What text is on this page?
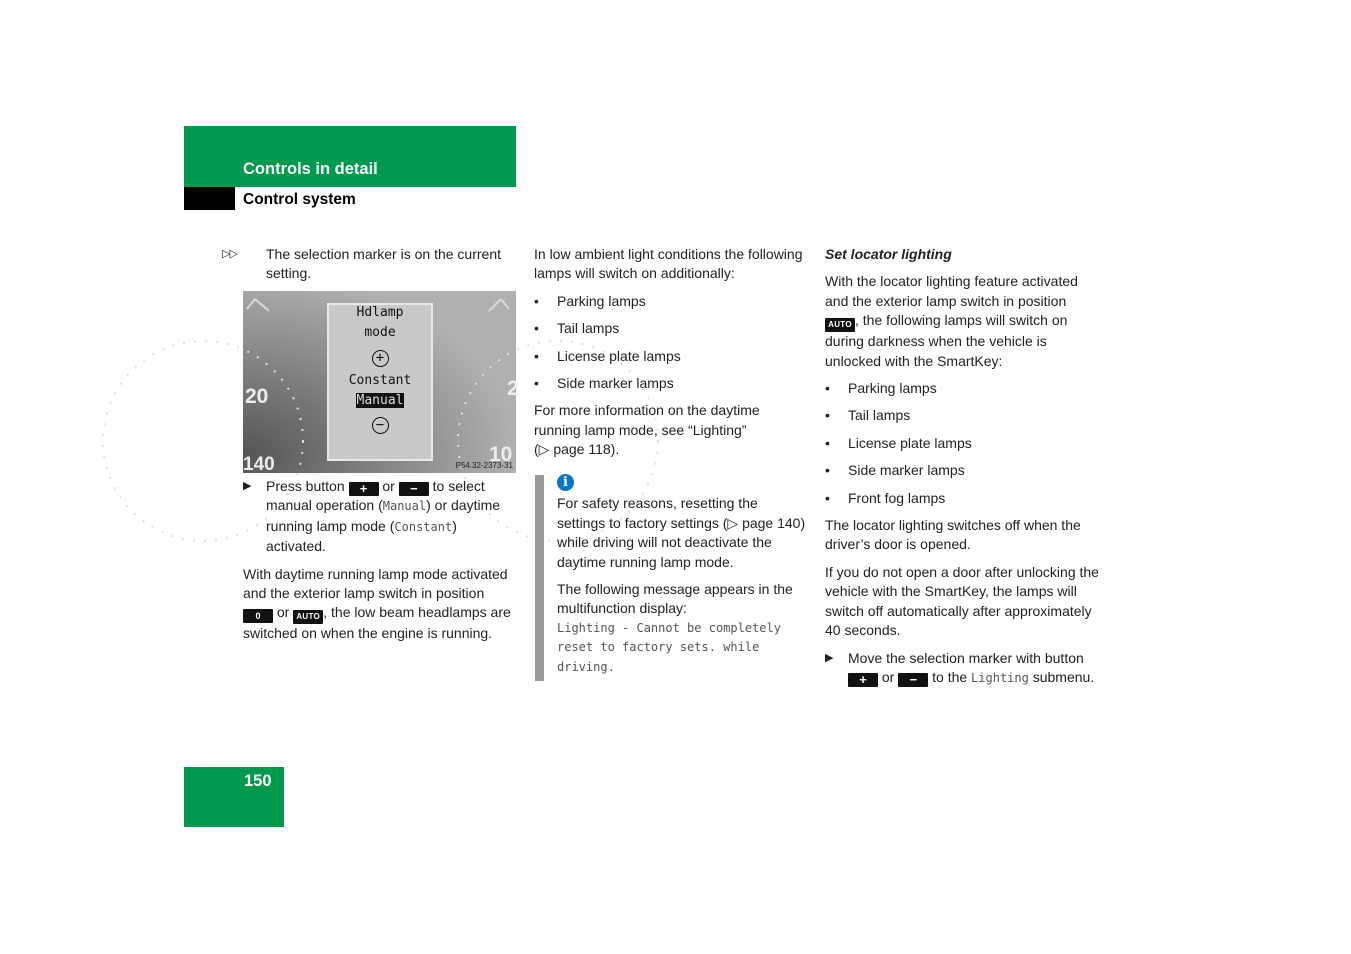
Controls in detail
Control system
▷▷ The selection marker is on the current setting.

20
140
2
10
Hdlamp
mode
+
Constant
Manual
−
P54.32-2373-31
▶ Press button + or − to select manual operation (Manual) or daytime running lamp mode (Constant) activated.

With daytime running lamp mode activated and the exterior lamp switch in position 0 or AUTO , the low beam headlamps are switched on when the engine is running.

In low ambient light conditions the following lamps will switch on additionally:

• Parking lamps
• Tail lamps
• License plate lamps
• Side marker lamps

For more information on the daytime running lamp mode, see “Lighting”
(▷ page 118).

i

For safety reasons, resetting the settings to factory settings (▷ page 140) while driving will not deactivate the daytime running lamp mode.

The following message appears in the multifunction display:

Lighting - Cannot be completely reset to factory sets. while driving.
Set locator lighting

With the locator lighting feature activated and the exterior lamp switch in position AUTO , the following lamps will switch on during darkness when the vehicle is unlocked with the SmartKey:

• Parking lamps
• Tail lamps
• License plate lamps
• Side marker lamps
• Front fog lamps

The locator lighting switches off when the driver’s door is opened.

If you do not open a door after unlocking the vehicle with the SmartKey, the lamps will switch off automatically after approximately 40 seconds.

▶ Move the selection marker with button + or − to the Lighting submenu.
150
